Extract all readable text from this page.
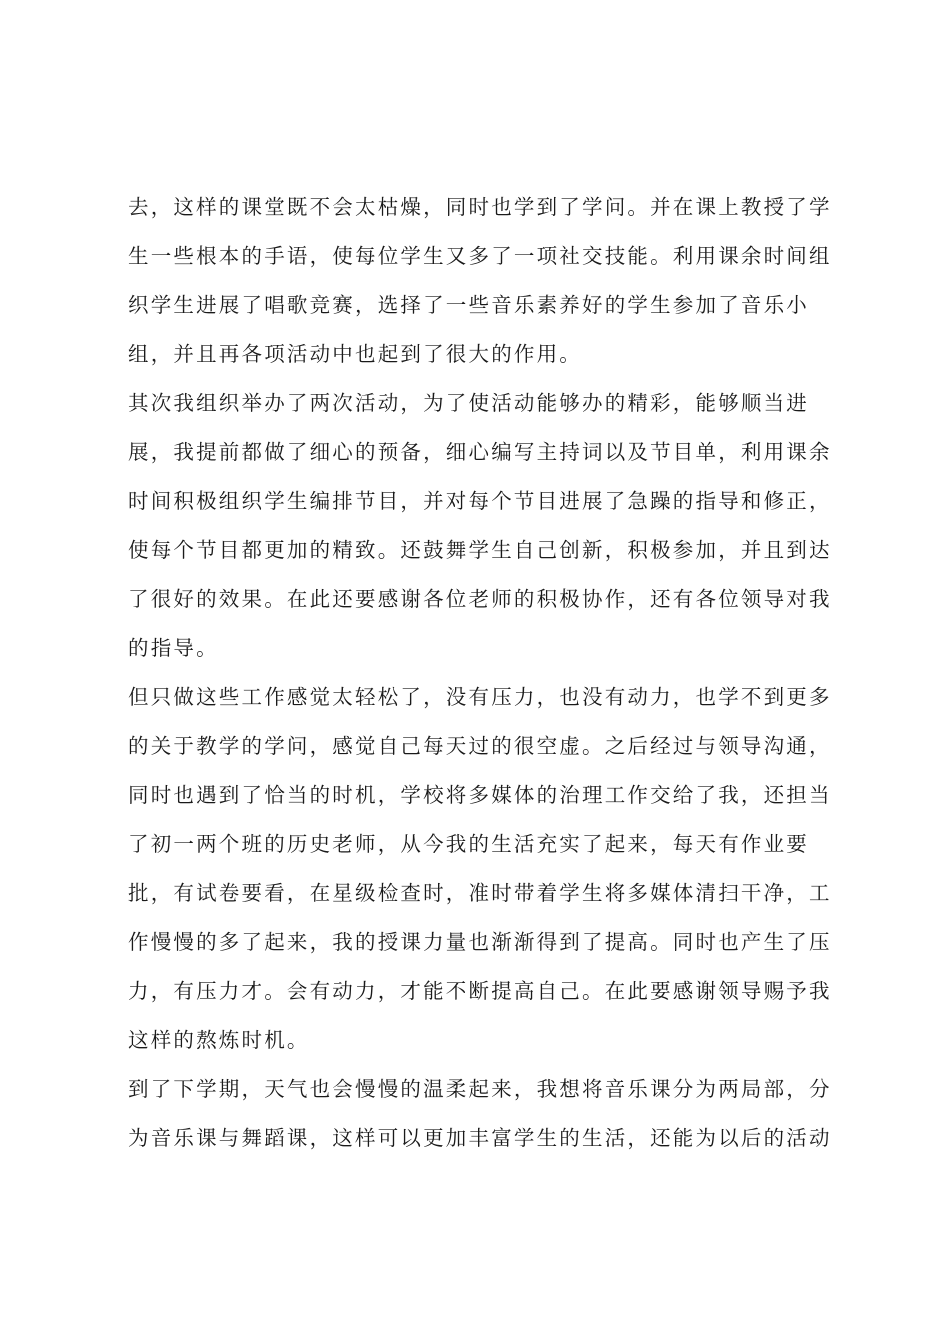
去，这样的课堂既不会太枯燥，同时也学到了学问。并在课上教授了学
生一些根本的手语，使每位学生又多了一项社交技能。利用课余时间组
织学生进展了唱歌竞赛，选择了一些音乐素养好的学生参加了音乐小
组，并且再各项活动中也起到了很大的作用。

其次我组织举办了两次活动，为了使活动能够办的精彩，能够顺当进
展，我提前都做了细心的预备，细心编写主持词以及节目单，利用课余
时间积极组织学生编排节目，并对每个节目进展了急躁的指导和修正，
使每个节目都更加的精致。还鼓舞学生自己创新，积极参加，并且到达
了很好的效果。在此还要感谢各位老师的积极协作，还有各位领导对我
的指导。

但只做这些工作感觉太轻松了，没有压力，也没有动力，也学不到更多
的关于教学的学问，感觉自己每天过的很空虚。之后经过与领导沟通，
同时也遇到了恰当的时机，学校将多媒体的治理工作交给了我，还担当
了初一两个班的历史老师，从今我的生活充实了起来，每天有作业要
批，有试卷要看，在星级检查时，准时带着学生将多媒体清扫干净，工
作慢慢的多了起来，我的授课力量也渐渐得到了提高。同时也产生了压
力，有压力才。会有动力，才能不断提高自己。在此要感谢领导赐予我
这样的熬炼时机。

到了下学期，天气也会慢慢的温柔起来，我想将音乐课分为两局部，分
为音乐课与舞蹈课，这样可以更加丰富学生的生活，还能为以后的活动
